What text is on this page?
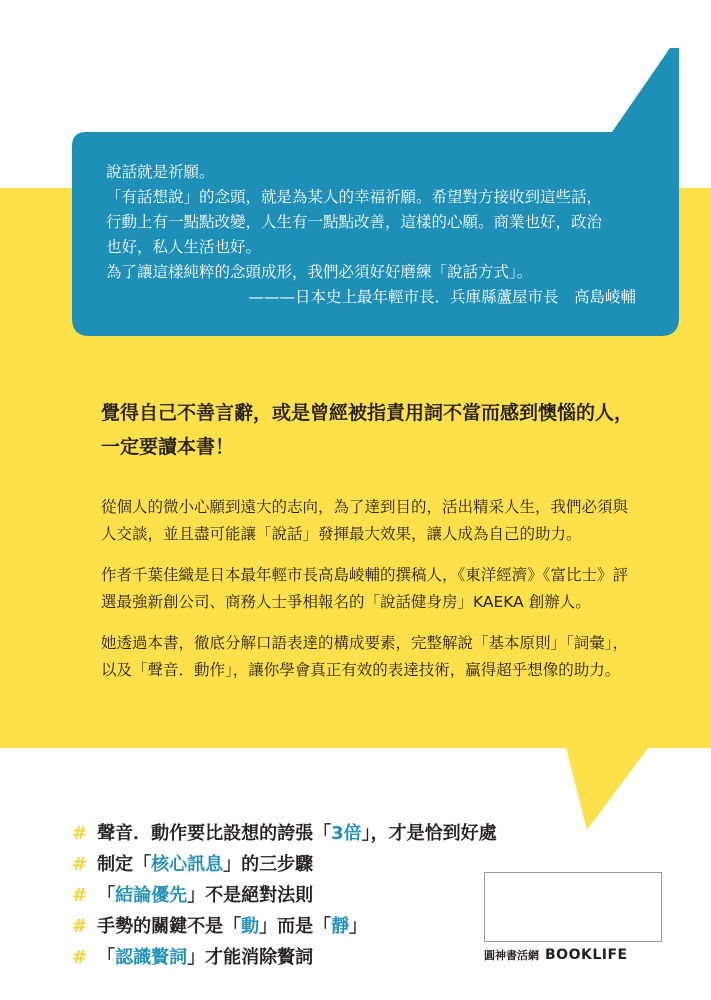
說話就是祈願。

「有話想說」的念頭，就是為某人的幸福祈願。希望對方接收到這些話，

行動上有一點點改變，人生有一點點改善，這樣的心願。商業也好，政治

也好，私人生活也好。

為了讓這樣純粹的念頭成形，我們必須好好磨練「說話方式」。

———日本史上最年輕市長．兵庫縣蘆屋市長　高島崚輔

覺得自己不善言辭，或是曾經被指責用詞不當而感到懊惱的人，

一定要讀本書！

從個人的微小心願到遠大的志向，為了達到目的，活出精采人生，我們必須與人交談，並且盡可能讓「說話」發揮最大效果，讓人成為自己的助力。

作者千葉佳織是日本最年輕市長高島崚輔的撰稿人，《東洋經濟》《富比士》評選最強新創公司、商務人士爭相報名的「說話健身房」KAEKA 創辦人。

她透過本書，徹底分解口語表達的構成要素，完整解說「基本原則」「詞彙」，以及「聲音．動作」，讓你學會真正有效的表達技術，贏得超乎想像的助力。

# 聲音．動作要比設想的誇張「3倍」，才是恰到好處
# 制定「核心訊息」的三步驟
# 「結論優先」不是絕對法則
# 手勢的關鍵不是「動」而是「靜」
# 「認識贅詞」才能消除贅詞	圓神書活網 BOOKLIFE
